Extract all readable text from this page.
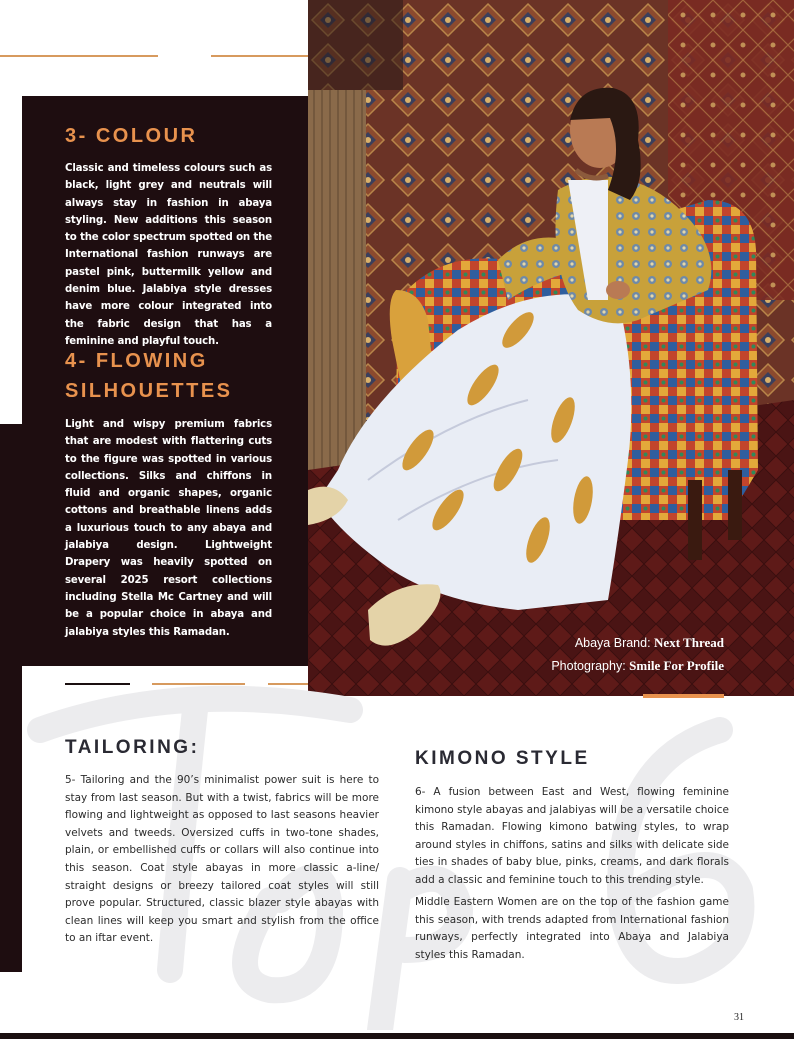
3- COLOUR

Classic and timeless colours such as black, light grey and neutrals will always stay in fashion in abaya styling. New additions this season to the color spectrum spotted on the International fashion runways are pastel pink, buttermilk yellow and denim blue. Jalabiya style dresses have more colour integrated into the fabric design that has a feminine and playful touch.

4- FLOWING
SILHOUETTES

Light and wispy premium fabrics that are modest with flattering cuts to the figure was spotted in various collections. Silks and chiffons in fluid and organic shapes, organic cottons and breathable linens adds a luxurious touch to any abaya and jalabiya design. Lightweight Drapery was heavily spotted on several 2025 resort collections including Stella Mc Cartney and will be a popular choice in abaya and jalabiya styles this Ramadan.

Abaya Brand: Next Thread
Photography: Smile For Profile
TAILORING:

5- Tailoring and the 90’s minimalist power suit is here to stay from last season. But with a twist, fabrics will be more flowing and lightweight as opposed to last seasons heavier velvets and tweeds. Oversized cuffs in two-tone shades, plain, or embellished cuffs or collars will also continue into this season. Coat style abayas in more classic a-line/ straight designs or breezy tailored coat styles will still prove popular. Structured, classic blazer style abayas with clean lines will keep you smart and stylish from the office to an iftar event.

KIMONO STYLE

6- A fusion between East and West, flowing feminine kimono style abayas and jalabiyas will be a versatile choice this Ramadan. Flowing kimono batwing styles, to wrap around styles in chiffons, satins and silks with delicate side ties in shades of baby blue, pinks, creams, and dark florals add a classic and feminine touch to this trending style.

Middle Eastern Women are on the top of the fashion game this season, with trends adapted from International fashion runways, perfectly integrated into Abaya and Jalabiya styles this Ramadan.

31
